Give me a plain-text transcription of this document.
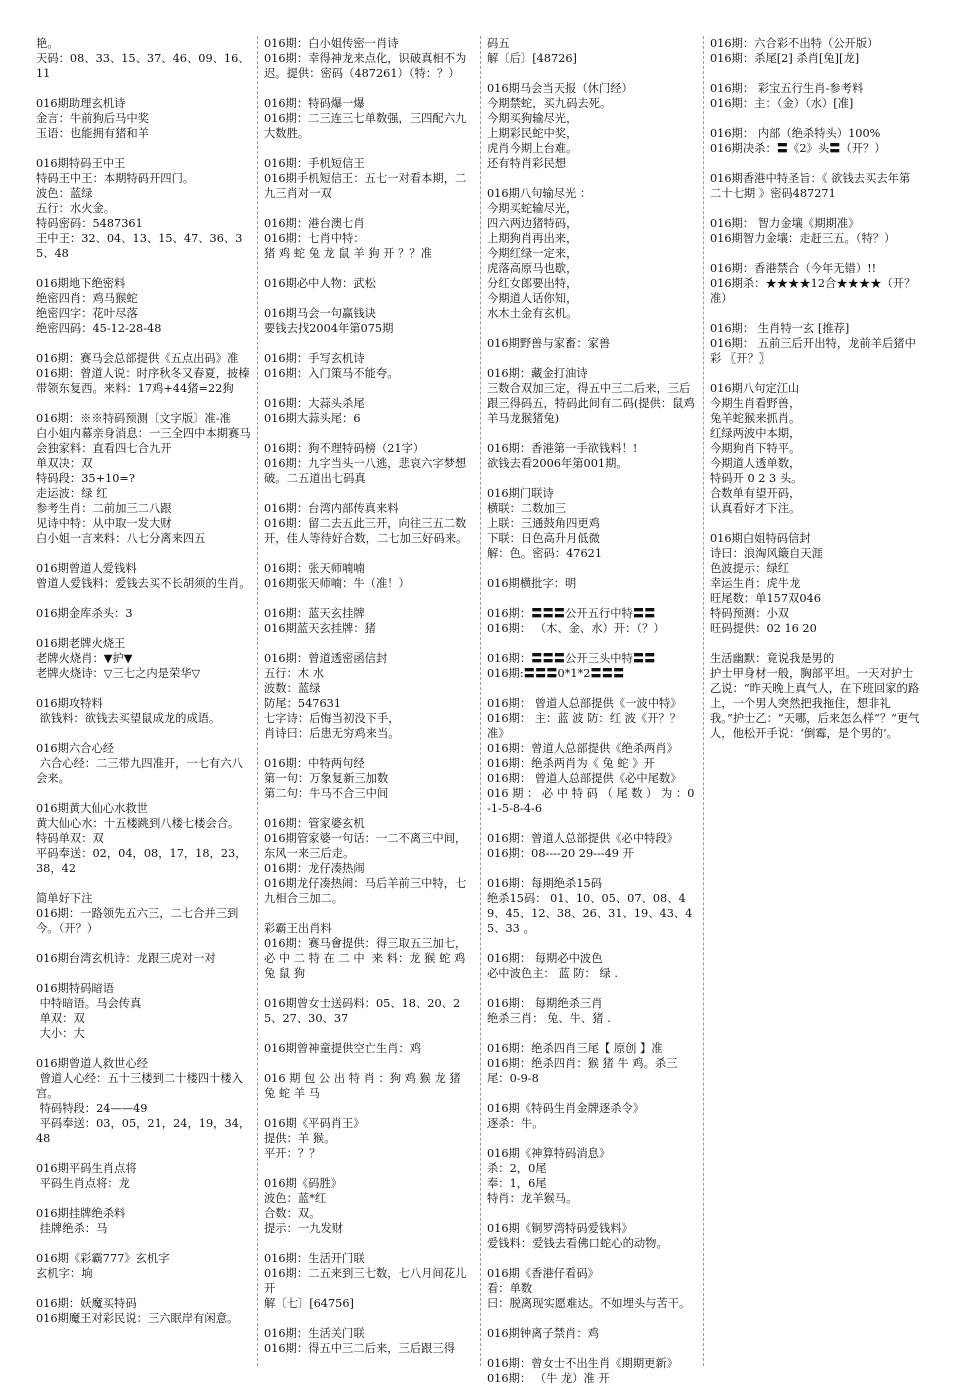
艳。
天码：08、33、15、37、46、09、16、11
016期助理玄机诗
金言：牛前狗后马中奖
玉语：也能拥有猪和羊
016期特码王中王
特码王中王：本期特码开四门。
波色：蓝绿
五行：水火金。
特码密码：5487361
王中王：32、04、13、15、47、36、35、48
016期地下绝密料
绝密四肖：鸡马猴蛇
绝密四字：花叶尽落
绝密四码：45-12-28-48
016期：赛马会总部提供《五点出码》准
016期：曾道人说：时序秋冬又春夏，披榛带领东复西。来料：17鸡+44猪=22狗
016期：※※特码预测〔文字版〕准-准
白小姐内幕亲身消息：一三全四中本期赛马会独家料：直看四七合九开
单双决：双
特码段：35+10=?
走运波：绿 红
参考生肖：二前加三二八跟
见诗中特：从中取一发大财
白小姐一言来料：八七分离来四五
016期曾道人爱钱料
曾道人爱钱料：爱钱去买不长胡须的生肖。
016期金库杀头：3
016期老牌火烧王
老牌火烧肖：▼护▼
老牌火烧诗：▽三七之内是荣华▽
016期攻特料
欲钱料：欲钱去买望鼠成龙的成语。
016期六合心经
六合心经：二三带九四准开，一七有六八会来。
016期黄大仙心水救世
黄大仙心水：十五楼跳到八楼七楼会合。
特码单双：双
平码奉送：02，04，08，17，18，23，38，42
简单好下注
016期：一路领先五六三，二七合并三到今。（开？）
016期台湾玄机诗：龙跟三虎对一对
016期特码暗语
中特暗语。马会传真
单双：双
大小：大
016期曾道人救世心经
曾道人心经：五十三楼到二十楼四十楼入宫。
特码特段：24——49
平码奉送：03，05，21，24，19，34，48
016期平码生肖点将
平码生肖点将：龙
016期挂牌绝杀料
挂牌绝杀：马
016期《彩霸777》玄机字
玄机字：垧
016期：妖魔买特码
016期魔王对彩民说：三六眠岸有闲意。
016期：白小姐传密一肖诗
016期：幸得神龙来点化，识破真相不为迟。提供：密码（487261）（特：？）
016期：特码爆一爆
016期：二三连三七单数强，三四配六九大数胜。
016期：手机短信王
016期手机短信王：五七一对看本期，二九三肖对一双
016期：港台澳七肖
016期：七肖中特：
猪 鸡 蛇 兔 龙 鼠 羊 狗 开 ？？准
016期必中人物：武松
016期马会一句赢钱诀
要钱去找2004年第075期
016期：手写玄机诗
016期：入门策马不能夸。
016期：大蒜头杀尾
016期大蒜头尾：6
016期：狗不理特码榜（21字）
016期：九字当头一八逃，悲哀六字梦想破。二五道出七码真
016期：台湾内部传真来料
016期：留二去五此三开，向往三五二数开，佳人等待好合数，二七加三好码来。
016期：张天师喃喃
016期张天师喃：牛（准！）
016期：蓝天玄挂牌
016期蓝天玄挂牌：猪
016期：曾道透密函信封
五行：木 水
波数：蓝绿
防尾：547631
七字诗：后悔当初没下手，
肖诗曰：后患无穷鸡来当。
016期：中特两句经
第一句：万象复新三加数
第二句：牛马不合三中间
016期：管家婆玄机
016期管家婆一句话：一二不离三中间，东风一来三后走。
016期：龙仔凑热闹
016期龙仔凑热闹：马后羊前三中特，七九相合三加二。
彩霸王出肖料
016期：赛马會提供：得三取五三加七，必 中 二 特 在 二 中  来 料：龙 猴 蛇 鸡 兔 鼠 狗
016期曾女士送码料：05、18、20、25、27、30、37
016期曾神童提供空亡生肖：鸡
016 期 包 公 出 特 肖 ：狗 鸡 猴 龙 猪 兔 蛇 羊 马
016期《平码肖王》
提供：羊 猴。
平开：？？
016期《码胜》
波色：蓝*红
合数：双。
提示：一九发财
016期：生活开门联
016期：二五来到三七数，七八月间花儿开
解〔七〕[64756]
016期：生活关门联
016期：得五中三二后来，三后跟三得
码五
解〔后〕[48726]
016期马会当天报（休门经）
今期禁蛇，买九码去死。
今期买狗输尽光，
上期彩民蛇中奖，
虎肖今期上台难。
还有特肖彩民想
016期八句输尽光 ：
今期买蛇输尽光，
四六两边猪特码，
上期狗肖再出来，
今期红绿一定来，
虎落高原马也歇，
分红女郎要出特，
今期道人话你知，
水木土金有玄机。
016期野兽与家畜：家兽
016期：藏金打油诗
三数合双加三定，得五中三二后来，三后跟三得码五，特码此间有二码(提供：鼠鸡羊马龙猴猪兔)
016期：香港第一手欲钱料！!
欲钱去看2006年第001期。
016期门联诗
横联：二数加三
上联：三通鼓角四更鸡
下联：日色高升月低微
解：色。密码：47621
016期横批字：明
016期：〓〓〓公开五行中特〓〓
016期： （木、金、水）开：（？）
016期：〓〓〓公开三头中特〓〓
016期:〓〓〓0*1*2〓〓〓
016期： 曾道人总部提供《一波中特》
016期： 主：蓝 波 防：红 波《开？？准》
016期：曾道人总部提供《绝杀两肖》
016期：绝杀两肖为《 兔 蛇 》开
016期： 曾道人总部提供《必中尾数》
016 期 ： 必 中 特 码 （ 尾 数 ） 为 ：0-1-5-8-4-6
016期：曾道人总部提供《必中特段》
016期：08----20 29---49 开
016期：每期绝杀15码
绝杀15码： 01、10、05、07、08、49、45、12、38、26、31、19、43、45、33 。
016期： 每期必中波色
必中波色主： 蓝 防： 绿 .
016期： 每期绝杀三肖
绝杀三肖： 兔、牛、猪 .
016期：绝杀四肖三尾【 原创 】准
016期：绝杀四肖：猴 猪 牛 鸡。杀三尾：0-9-8
016期《特码生肖金牌逐杀令》
逐杀：牛。
016期《神算特码消息》
杀：2，0尾
奉：1，6尾
特肖：龙羊猴马。
016期《铜罗湾特码爱钱料》
爱钱料：爱钱去看佛口蛇心的动物。
016期《香港仔看码》
看：单数
曰：脱离现实愿难达。不如埋头与苦干。
016期钟离子禁肖：鸡
016期：曾女士不出生肖《期期更新》
016期： （牛 龙）准 开
016期：六合彩不出特（公开版）
016期：杀尾[2] 杀肖[兔][龙]
016期： 彩宝五行生肖-参考料
016期：主：（金）（水）[准]
016期： 内部（绝杀特头）100%
016期决杀：〓《2》头〓（开？）
016期香港中特圣旨：《 欲钱去买去年第二十七期 》密码487271
016期： 智力金壤《期期准》
016期智力金壤：走赶三五。（特？）
016期：香港禁合（今年无错）!!
016期杀：★★★★12合★★★★（开？准）
016期： 生肖特一玄 [推荐]
016期： 五前三后开出特，龙前羊后猪中彩 〖开？〗
016期八句定江山
今期生肖看野兽，
兔羊蛇猴来抓肖。
红绿两波中本期，
今期狗肖下特平。
今期道人透单数，
特码开 0 2 3 头。
合数单有望开码，
认真看好才下注。
016期白姐特码信封
诗曰：浪淘风簸自天涯
色波提示：绿红
幸运生肖：虎牛龙
旺尾数：单157双046
特码预测：小双
旺码提供：02 16 20
生活幽默：竟说我是男的
护士甲身材一般，胸部平坦。一天对护士乙说：“昨天晚上真气人，在下班回家的路上，一个男人突然把我拖住，想非礼我。”护士乙：“天哪，后来怎么样“？“更气人，他松开手说：‘倒霉，是个男的’。
